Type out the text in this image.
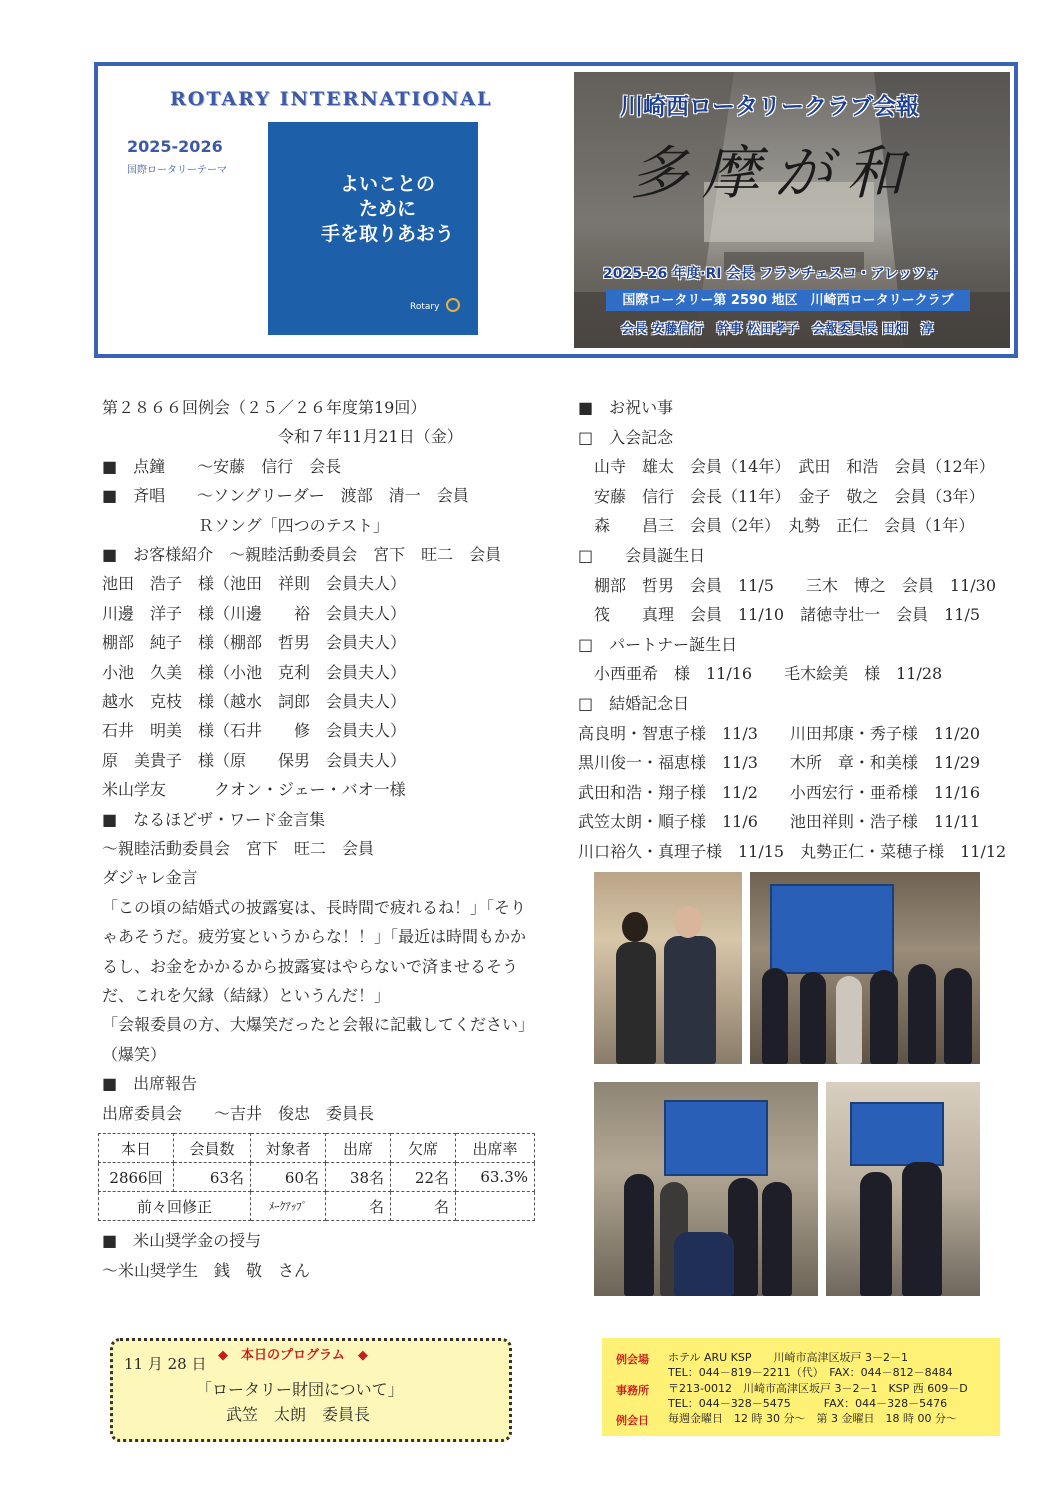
ROTARY INTERNATIONAL
2025-2026
国際ロータリーテーマ
よいことの
ために
手を取りあおう
Rotary
川崎西ロータリークラブ会報
多摩が和
2025-26 年度·RI 会長 フランチェスコ・アレッツォ
国際ロータリー第 2590 地区　川崎西ロータリークラブ
会長 安藤信行　幹事 松田孝子　会報委員長 田畑　淳
第２８６６回例会（２５／２６年度第19回）
　　　　　　　　　　　令和７年11月21日（金）
■　点鐘　　～安藤　信行　会長
■　斉唱　　～ソングリーダー　渡部　清一　会員
　　　　　　Ｒソング「四つのテスト」
■　お客様紹介　～親睦活動委員会　宮下　旺二　会員
池田　浩子　様（池田　祥則　会員夫人）
川邊　洋子　様（川邊　　裕　会員夫人）
棚部　純子　様（棚部　哲男　会員夫人）
小池　久美　様（小池　克利　会員夫人）
越水　克枝　様（越水　詞郎　会員夫人）
石井　明美　様（石井　　修　会員夫人）
原　美貴子　様（原　　保男　会員夫人）
米山学友　　　クオン・ジェー・バオ一様
■　なるほどザ・ワード金言集
～親睦活動委員会　宮下　旺二　会員
ダジャレ金言
「この頃の結婚式の披露宴は、長時間で疲れるね！」「そり
ゃあそうだ。疲労宴というからな！！」「最近は時間もかか
るし、お金をかかるから披露宴はやらないで済ませるそう
だ、これを欠縁（結縁）というんだ！」
「会報委員の方、大爆笑だったと会報に記載してください」
（爆笑）
■　出席報告
出席委員会　　～吉井　俊忠　委員長
本日	会員数	対象者	出席	欠席	出席率
2866回	63名	60名	38名	22名	63.3%
前々回修正		ﾒｰｸｱｯﾌﾟ	名	名	
■　米山奨学金の授与
～米山奨学生　銭　敬　さん
■　お祝い事
□　入会記念
　山寺　雄太　会員（14年）　武田　和浩　会員（12年）
　安藤　信行　会長（11年）　金子　敬之　会員（3年）
　森　　昌三　会員（2年）　丸勢　正仁　会員（1年）
□　　会員誕生日
　棚部　哲男　会員　11/5　　三木　博之　会員　11/30
　筏　　真理　会員　11/10　諸徳寺壮一　会員　11/5
□　パートナー誕生日
　小西亜希　様　11/16　　毛木絵美　様　11/28
□　結婚記念日
高良明・智恵子様　11/3　　川田邦康・秀子様　11/20
黒川俊一・福恵様　11/3　　木所　章・和美様　11/29
武田和浩・翔子様　11/2　　小西宏行・亜希様　11/16
武笠太朗・順子様　11/6　　池田祥則・浩子様　11/11
川口裕久・真理子様　11/15　丸勢正仁・菜穂子様　11/12
11 月 28 日 ◆　本日のプログラム　◆
「ロータリー財団について」
武笠　太朗　委員長
例会場 ホテル ARU KSP　　川崎市高津区坂戸 3－2－1
TEL：044－819－2211（代）　FAX：044－812－8484
事務所 〒213-0012　川崎市高津区坂戸 3－2－1　KSP 西 609－D
TEL：044－328－5475　　　FAX：044－328－5476
例会日 毎週金曜日　12 時 30 分～　第 3 金曜日　18 時 00 分～
